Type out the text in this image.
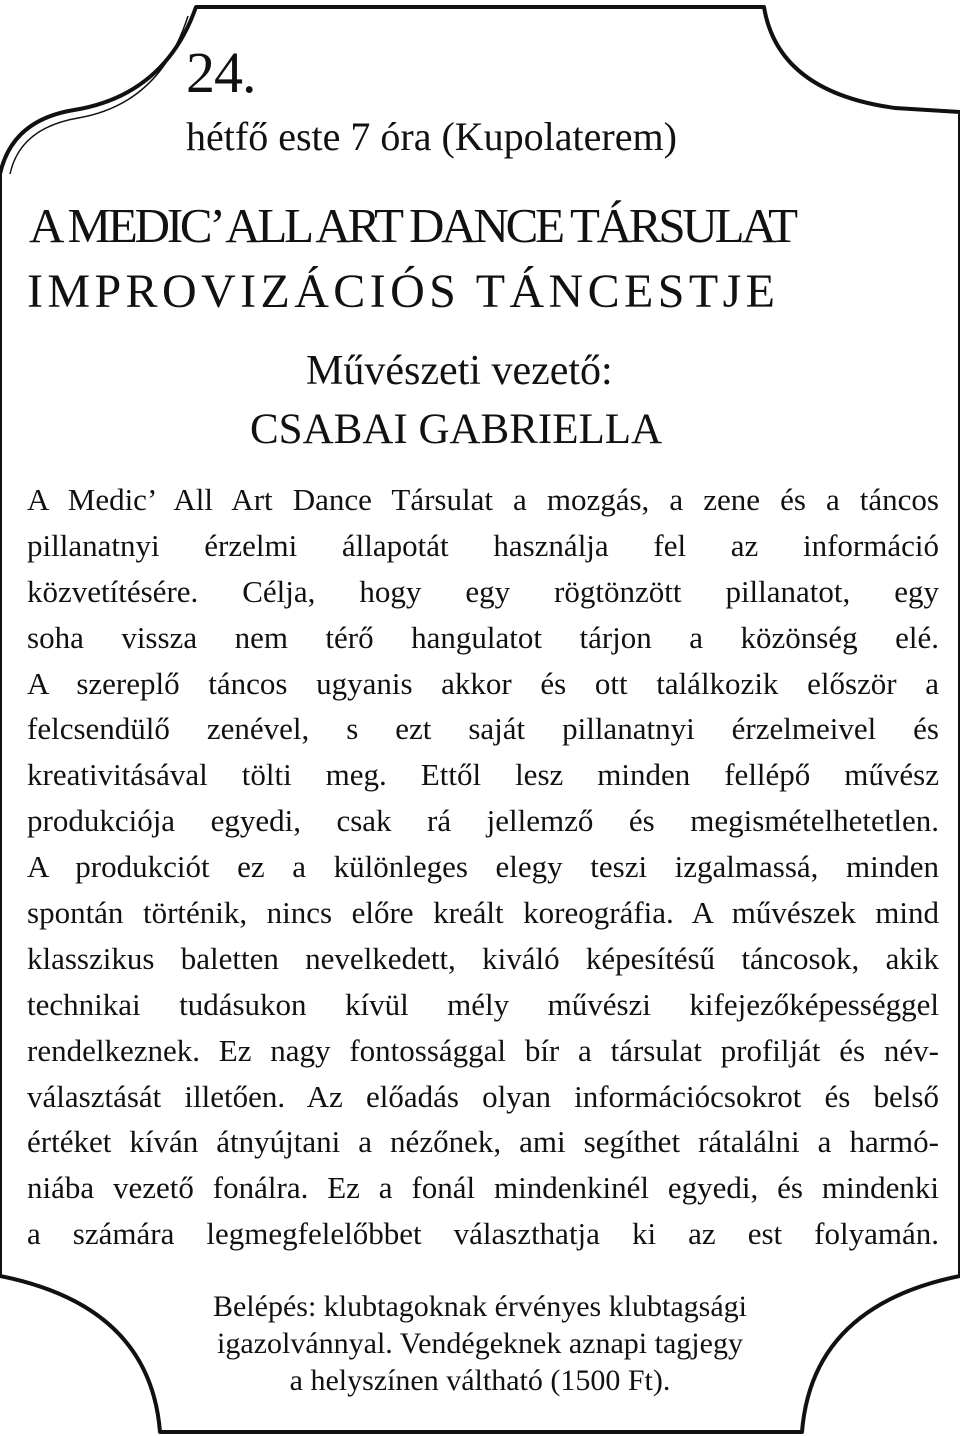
24.
hétfő este 7 óra (Kupolaterem)
A MEDIC’ ALL ART DANCE TÁRSULAT
IMPROVIZÁCIÓS TÁNCESTJE
Művészeti vezető:
CSABAI GABRIELLA
A Medic’ All Art Dance Társulat a mozgás, a zene és a táncos
pillanatnyi érzelmi állapotát használja fel az információ
közvetítésére. Célja, hogy egy rögtönzött pillanatot, egy
soha vissza nem térő hangulatot tárjon a közönség elé.
A szereplő táncos ugyanis akkor és ott találkozik először a
felcsendülő zenével, s ezt saját pillanatnyi érzelmeivel és
kreativitásával tölti meg. Ettől lesz minden fellépő művész
produkciója egyedi, csak rá jellemző és megismételhetetlen.
A produkciót ez a különleges elegy teszi izgalmassá, minden
spontán történik, nincs előre kreált koreográfia. A művészek mind
klasszikus baletten nevelkedett, kiváló képesítésű táncosok, akik
technikai tudásukon kívül mély művészi kifejezőképességgel
rendelkeznek. Ez nagy fontossággal bír a társulat profilját és név-
választását illetően. Az előadás olyan információcsokrot és belső
értéket kíván átnyújtani a nézőnek, ami segíthet rátalálni a harmó-
niába vezető fonálra. Ez a fonál mindenkinél egyedi, és mindenki
a számára legmegfelelőbbet választhatja ki az est folyamán.
Belépés: klubtagoknak érvényes klubtagsági
igazolvánnyal. Vendégeknek aznapi tagjegy
a helyszínen váltható (1500 Ft).
